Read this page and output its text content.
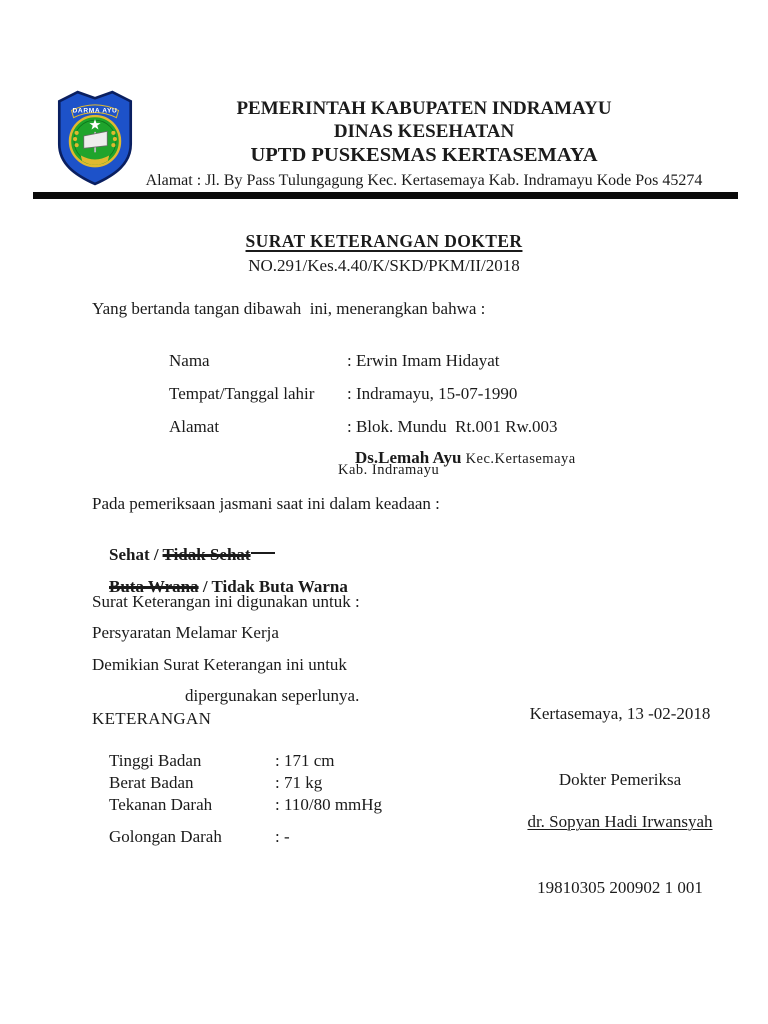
DARMA AYU	PEMERINTAH KABUPATEN INDRAMAYU
DINAS KESEHATAN
UPTD PUSKESMAS KERTASEMAYA
Alamat : Jl. By Pass Tulungagung Kec. Kertasemaya Kab. Indramayu Kode Pos 45274
SURAT KETERANGAN DOKTER
NO.291/Kes.4.40/K/SKD/PKM/II/2018
Yang bertanda tangan dibawah  ini, menerangkan bahwa :

Nama	: Erwin Imam Hidayat

Tempat/Tanggal lahir : Indramayu, 15-07-1990

Alamat	: Blok. Mundu  Rt.001 Rw.003

Ds.Lemah Ayu Kec.Kertasemaya

Kab. Indramayu
Pada pemeriksaan jasmani saat ini dalam keadaan :

Sehat / Tidak Sehat

Buta Wrana / Tidak Buta Warna

Surat Keterangan ini digunakan untuk :
Persyaratan Melamar Kerja
Demikian Surat Keterangan ini untuk
dipergunakan seperlunya.
KETERANGAN

Tinggi Badan	: 171 cm

Berat Badan	: 71 kg

Tekanan Darah	: 110/80 mmHg

Golongan Darah	: -

Kertasemaya, 13 -02-2018

Dokter Pemeriksa

dr. Sopyan Hadi Irwansyah

19810305 200902 1 001
